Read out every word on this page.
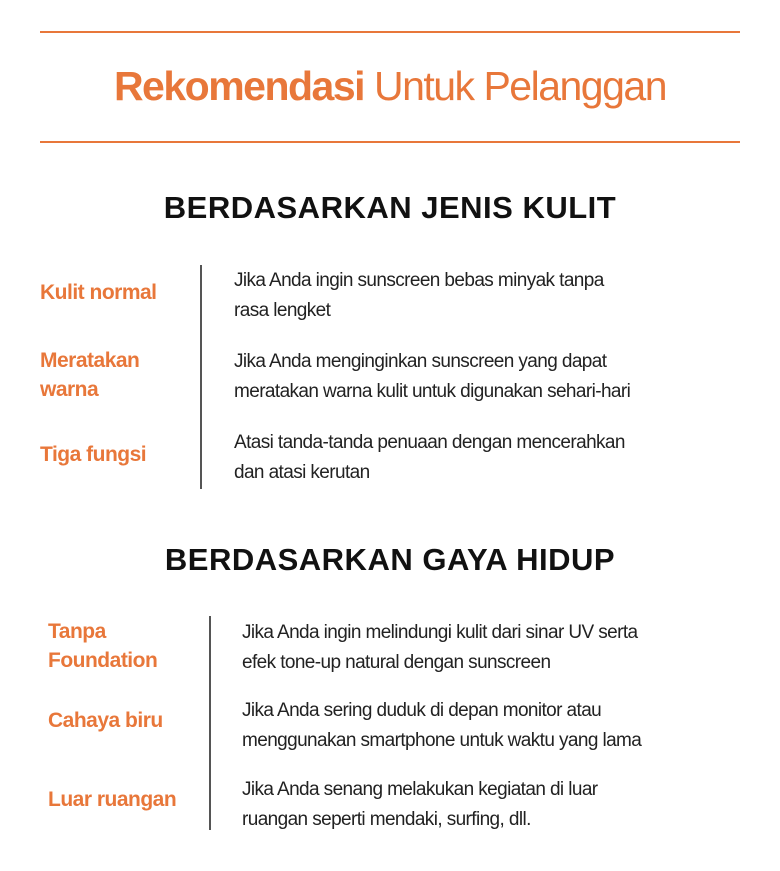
Rekomendasi Untuk Pelanggan
BERDASARKAN JENIS KULIT
Kulit normal
Jika Anda ingin sunscreen bebas minyak tanpa
rasa lengket
Meratakan
warna
Jika Anda menginginkan sunscreen yang dapat
meratakan warna kulit untuk digunakan sehari-hari
Tiga fungsi
Atasi tanda-tanda penuaan dengan mencerahkan
dan atasi kerutan
BERDASARKAN GAYA HIDUP
Tanpa
Foundation
Jika Anda ingin melindungi kulit dari sinar UV serta
efek tone-up natural dengan sunscreen
Cahaya biru	Jika Anda sering duduk di depan monitor atau
menggunakan smartphone untuk waktu yang lama
Luar ruangan	Jika Anda senang melakukan kegiatan di luar
ruangan seperti mendaki, surfing, dll.
